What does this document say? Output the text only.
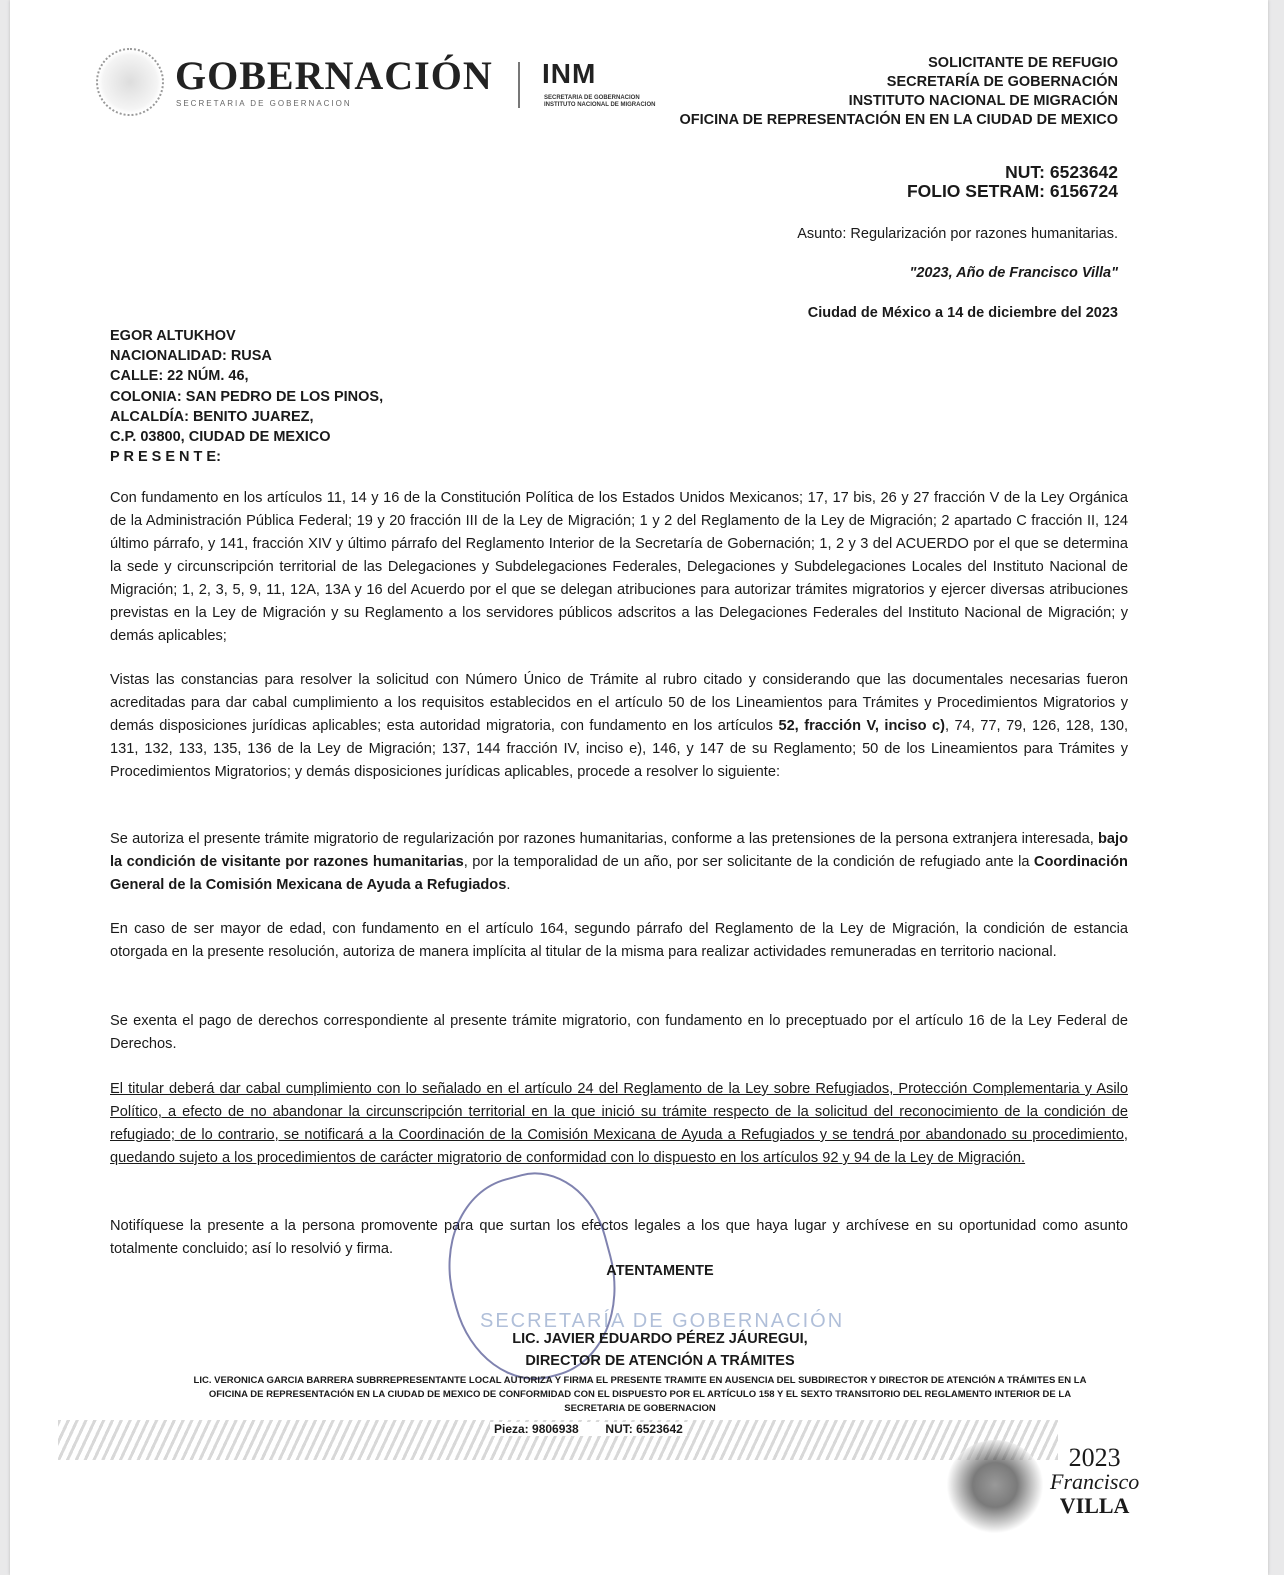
GOBERNACIÓN
SECRETARIA DE GOBERNACION
INM
SECRETARIA DE GOBERNACION
INSTITUTO NACIONAL DE MIGRACION
SOLICITANTE DE REFUGIO
SECRETARÍA DE GOBERNACIÓN
INSTITUTO NACIONAL DE MIGRACIÓN
OFICINA DE REPRESENTACIÓN EN EN LA CIUDAD DE MEXICO
NUT: 6523642
FOLIO SETRAM: 6156724
Asunto: Regularización por razones humanitarias.
"2023, Año de Francisco Villa"
Ciudad de México a 14 de diciembre del 2023
EGOR ALTUKHOV
NACIONALIDAD: RUSA
CALLE: 22 NÚM. 46,
COLONIA: SAN PEDRO DE LOS PINOS,
ALCALDÍA: BENITO JUAREZ,
C.P. 03800, CIUDAD DE MEXICO
P R E S E N T E:
Con fundamento en los artículos 11, 14 y 16 de la Constitución Política de los Estados Unidos Mexicanos; 17, 17 bis, 26 y 27 fracción V de la Ley Orgánica de la Administración Pública Federal; 19 y 20 fracción III de la Ley de Migración; 1 y 2 del Reglamento de la Ley de Migración; 2 apartado C fracción II, 124 último párrafo, y 141, fracción XIV y último párrafo del Reglamento Interior de la Secretaría de Gobernación; 1, 2 y 3 del ACUERDO por el que se determina la sede y circunscripción territorial de las Delegaciones y Subdelegaciones Federales, Delegaciones y Subdelegaciones Locales del Instituto Nacional de Migración; 1, 2, 3, 5, 9, 11, 12A, 13A y 16 del Acuerdo por el que se delegan atribuciones para autorizar trámites migratorios y ejercer diversas atribuciones previstas en la Ley de Migración y su Reglamento a los servidores públicos adscritos a las Delegaciones Federales del Instituto Nacional de Migración; y demás aplicables;
Vistas las constancias para resolver la solicitud con Número Único de Trámite al rubro citado y considerando que las documentales necesarias fueron acreditadas para dar cabal cumplimiento a los requisitos establecidos en el artículo 50 de los Lineamientos para Trámites y Procedimientos Migratorios y demás disposiciones jurídicas aplicables; esta autoridad migratoria, con fundamento en los artículos 52, fracción V, inciso c), 74, 77, 79, 126, 128, 130, 131, 132, 133, 135, 136 de la Ley de Migración; 137, 144 fracción IV, inciso e), 146, y 147 de su Reglamento; 50 de los Lineamientos para Trámites y Procedimientos Migratorios; y demás disposiciones jurídicas aplicables, procede a resolver lo siguiente:
Se autoriza el presente trámite migratorio de regularización por razones humanitarias, conforme a las pretensiones de la persona extranjera interesada, bajo la condición de visitante por razones humanitarias, por la temporalidad de un año, por ser solicitante de la condición de refugiado ante la Coordinación General de la Comisión Mexicana de Ayuda a Refugiados.
En caso de ser mayor de edad, con fundamento en el artículo 164, segundo párrafo del Reglamento de la Ley de Migración, la condición de estancia otorgada en la presente resolución, autoriza de manera implícita al titular de la misma para realizar actividades remuneradas en territorio nacional.
Se exenta el pago de derechos correspondiente al presente trámite migratorio, con fundamento en lo preceptuado por el artículo 16 de la Ley Federal de Derechos.
El titular deberá dar cabal cumplimiento con lo señalado en el artículo 24 del Reglamento de la Ley sobre Refugiados, Protección Complementaria y Asilo Político, a efecto de no abandonar la circunscripción territorial en la que inició su trámite respecto de la solicitud del reconocimiento de la condición de refugiado; de lo contrario, se notificará a la Coordinación de la Comisión Mexicana de Ayuda a Refugiados y se tendrá por abandonado su procedimiento, quedando sujeto a los procedimientos de carácter migratorio de conformidad con lo dispuesto en los artículos 92 y 94 de la Ley de Migración.
Notifíquese la presente a la persona promovente para que surtan los efectos legales a los que haya lugar y archívese en su oportunidad como asunto totalmente concluido; así lo resolvió y firma.
SECRETARÍA DE GOBERNACIÓN
ATENTAMENTE
LIC. JAVIER EDUARDO PÉREZ JÁUREGUI,
DIRECTOR DE ATENCIÓN A TRÁMITES
LIC. VERONICA GARCIA BARRERA SUBRREPRESENTANTE LOCAL AUTORIZA Y FIRMA EL PRESENTE TRAMITE EN AUSENCIA DEL SUBDIRECTOR Y DIRECTOR DE ATENCIÓN A TRÁMITES EN LA
OFICINA DE REPRESENTACIÓN EN LA CIUDAD DE MEXICO DE CONFORMIDAD CON EL DISPUESTO POR EL ARTÍCULO 158 Y EL SEXTO TRANSITORIO DEL REGLAMENTO INTERIOR DE LA
SECRETARIA DE GOBERNACION
Pieza: 9806938 NUT: 6523642
2023
Francisco
VILLA
